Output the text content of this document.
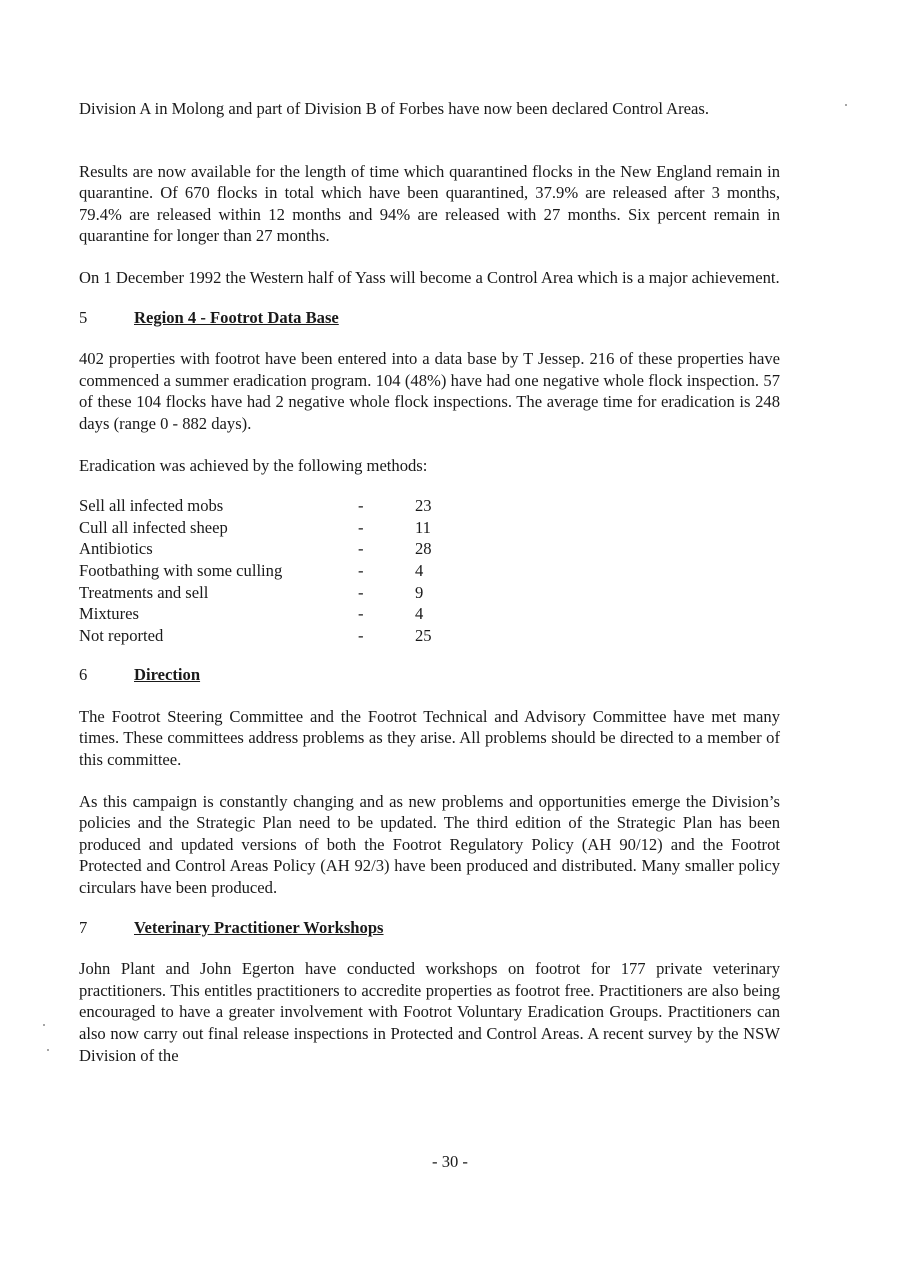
Division A in Molong and part of Division B of Forbes have now been declared Control Areas.

Results are now available for the length of time which quarantined flocks in the New England remain in quarantine. Of 670 flocks in total which have been quarantined, 37.9% are released after 3 months, 79.4% are released within 12 months and 94% are released with 27 months. Six percent remain in quarantine for longer than 27 months.

On 1 December 1992 the Western half of Yass will become a Control Area which is a major achievement.

5	Region 4 - Footrot Data Base

402 properties with footrot have been entered into a data base by T Jessep. 216 of these properties have commenced a summer eradication program. 104 (48%) have had one negative whole flock inspection. 57 of these 104 flocks have had 2 negative whole flock inspections. The average time for eradication is 248 days (range 0 - 882 days).

Eradication was achieved by the following methods:

Sell all infected mobs	-	23
Cull all infected sheep	-	11
Antibiotics	-	28
Footbathing with some culling	-	4
Treatments and sell	-	9
Mixtures	-	4
Not reported	-	25
6	Direction

The Footrot Steering Committee and the Footrot Technical and Advisory Committee have met many times. These committees address problems as they arise. All problems should be directed to a member of this committee.

As this campaign is constantly changing and as new problems and opportunities emerge the Division’s policies and the Strategic Plan need to be updated. The third edition of the Strategic Plan has been produced and updated versions of both the Footrot Regulatory Policy (AH 90/12) and the Footrot Protected and Control Areas Policy (AH 92/3) have been produced and distributed. Many smaller policy circulars have been produced.

7	Veterinary Practitioner Workshops

John Plant and John Egerton have conducted workshops on footrot for 177 private veterinary practitioners. This entitles practitioners to accredite properties as footrot free. Practitioners are also being encouraged to have a greater involvement with Footrot Voluntary Eradication Groups. Practitioners can also now carry out final release inspections in Protected and Control Areas. A recent survey by the NSW Division of the

- 30 -
